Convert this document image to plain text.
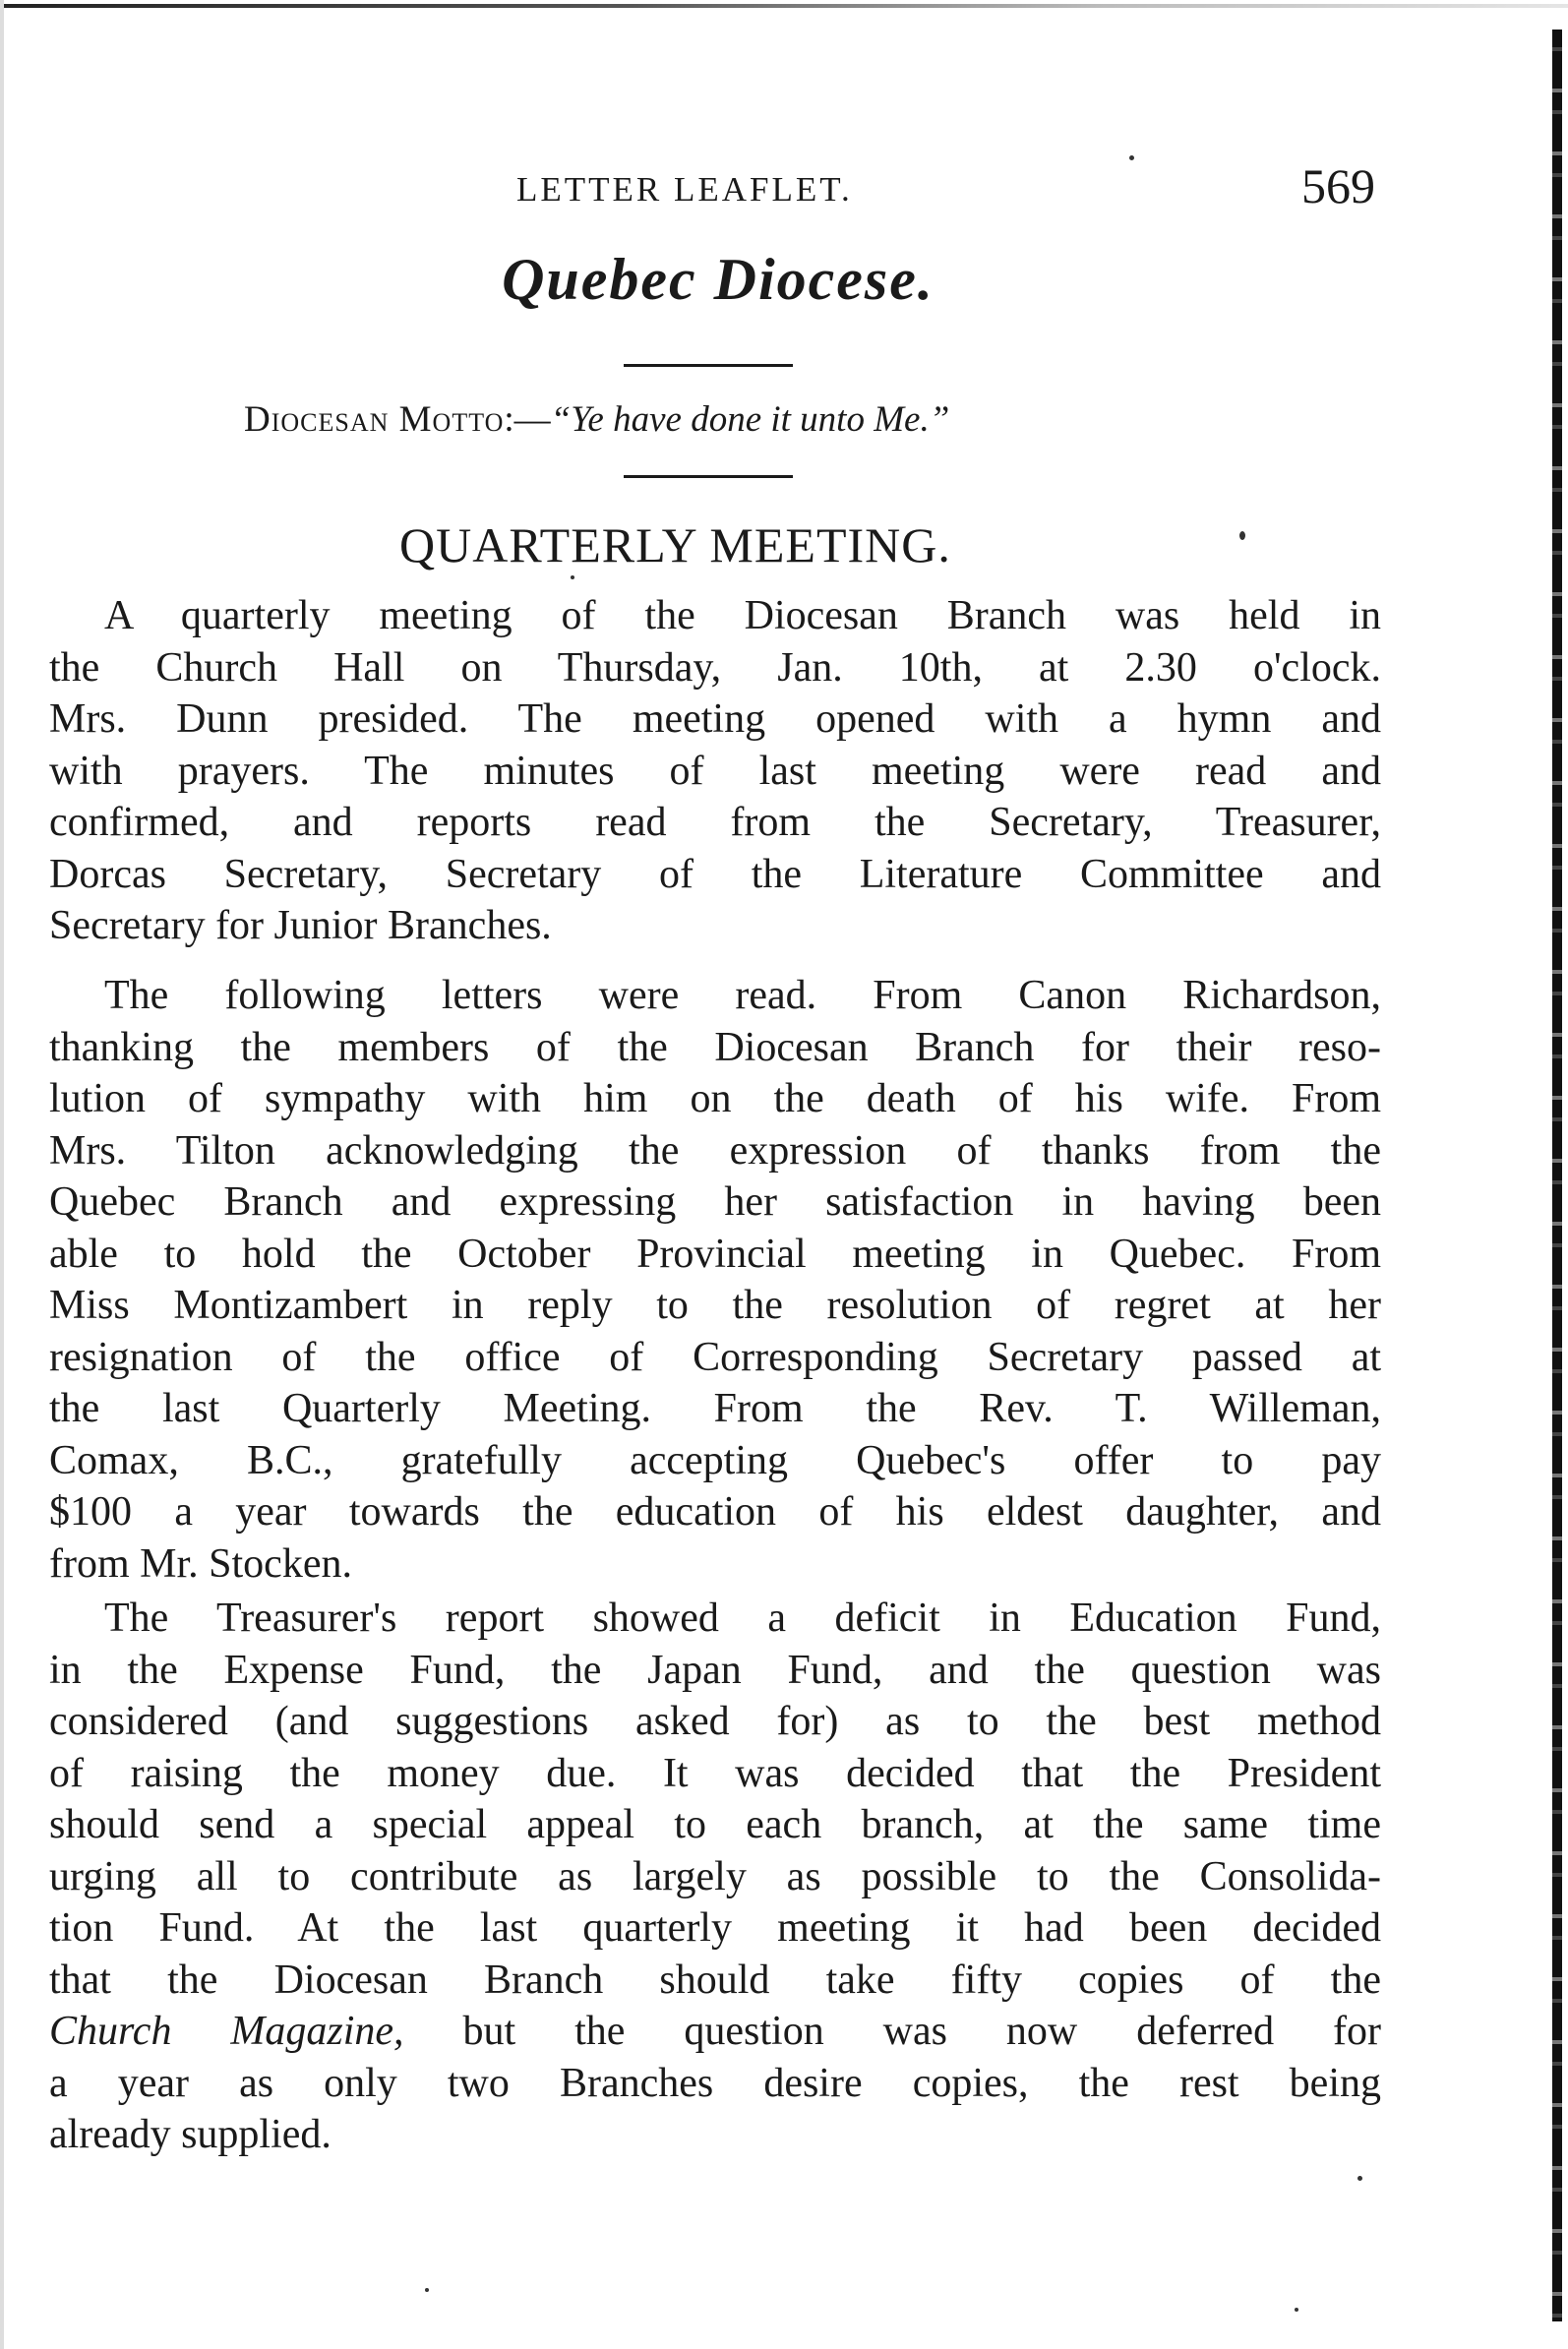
LETTER LEAFLET.	569
Quebec Diocese.
Diocesan Motto:—“Ye have done it unto Me.”
QUARTERLY MEETING.
A quarterly meeting of the Diocesan Branch was held in
the Church Hall on Thursday, Jan. 10th, at 2.30 o'clock.
Mrs. Dunn presided. The meeting opened with a hymn and
with prayers. The minutes of last meeting were read and
confirmed, and reports read from the Secretary, Treasurer,
Dorcas Secretary, Secretary of the Literature Committee and
Secretary for Junior Branches.
The following letters were read. From Canon Richardson,
thanking the members of the Diocesan Branch for their reso-
lution of sympathy with him on the death of his wife. From
Mrs. Tilton acknowledging the expression of thanks from the
Quebec Branch and expressing her satisfaction in having been
able to hold the October Provincial meeting in Quebec. From
Miss Montizambert in reply to the resolution of regret at her
resignation of the office of Corresponding Secretary passed at
the last Quarterly Meeting. From the Rev. T. Willeman,
Comax, B.C., gratefully accepting Quebec's offer to pay
$100 a year towards the education of his eldest daughter, and
from Mr. Stocken.
The Treasurer's report showed a deficit in Education Fund,
in the Expense Fund, the Japan Fund, and the question was
considered (and suggestions asked for) as to the best method
of raising the money due. It was decided that the President
should send a special appeal to each branch, at the same time
urging all to contribute as largely as possible to the Consolida-
tion Fund. At the last quarterly meeting it had been decided
that the Diocesan Branch should take fifty copies of the
Church Magazine, but the question was now deferred for
a year as only two Branches desire copies, the rest being
already supplied.
